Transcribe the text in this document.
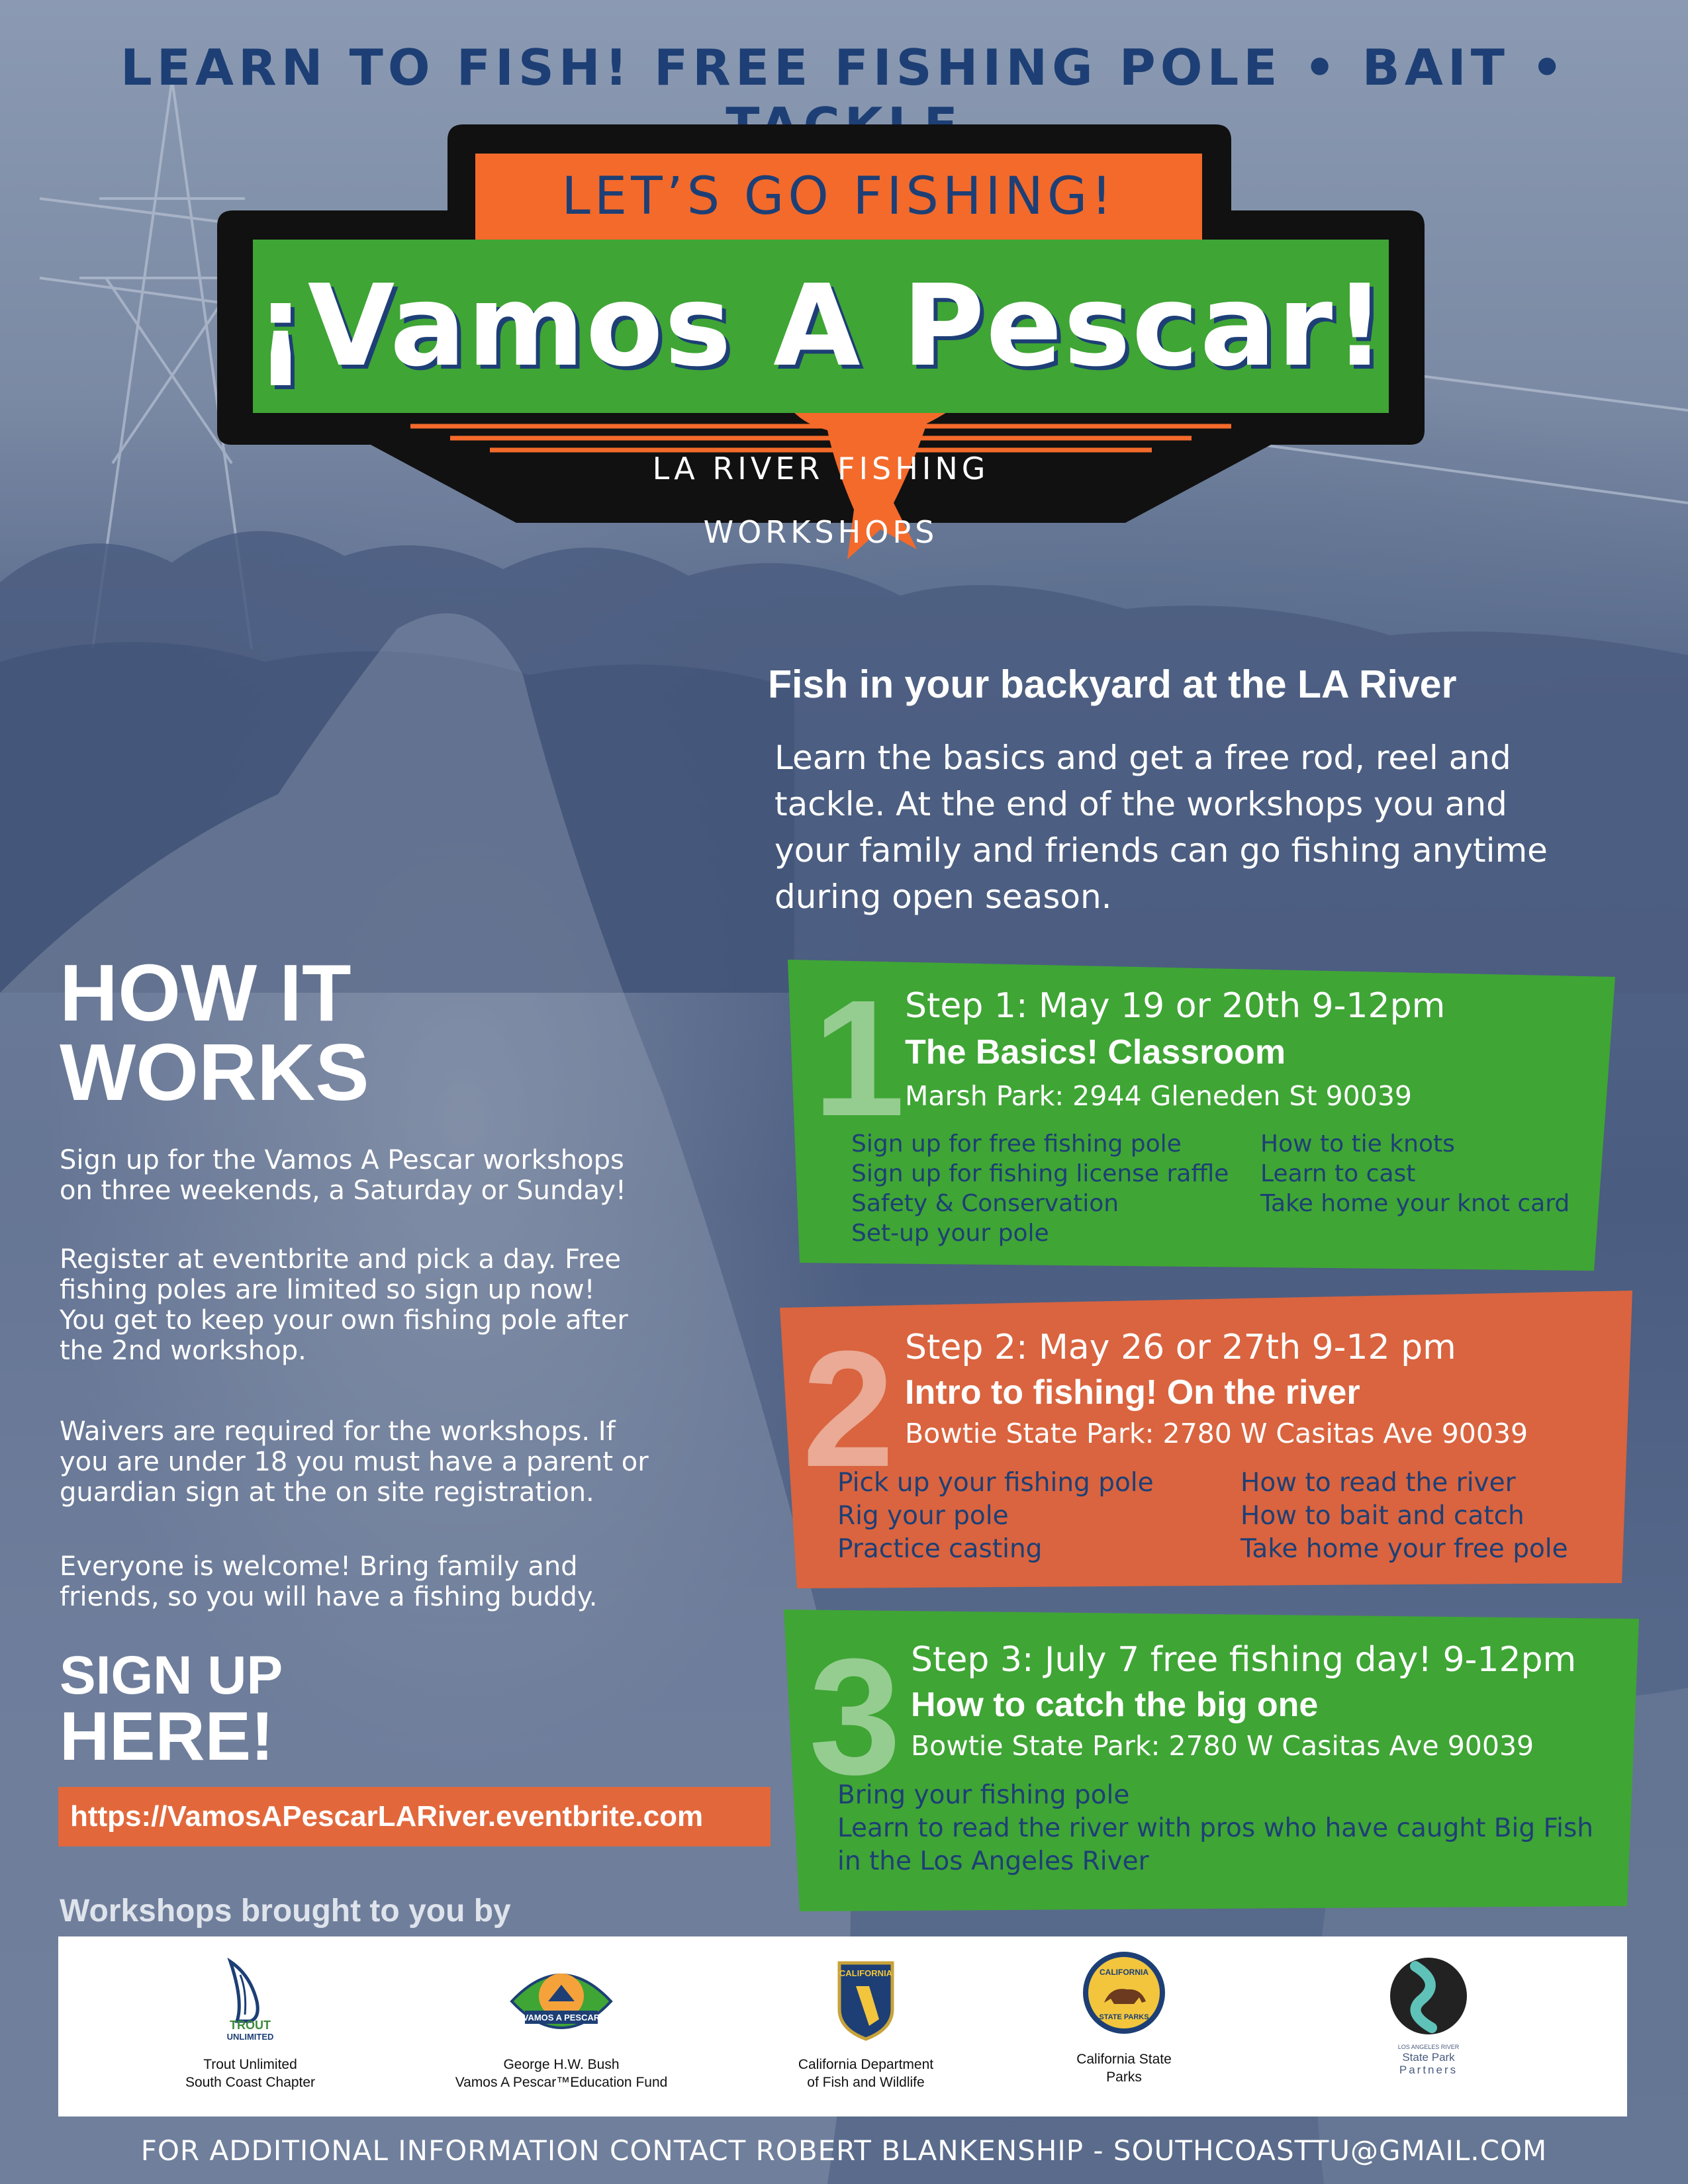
LEARN TO FISH! FREE FISHING POLE • BAIT •
LET’S GO FISHING!
¡Vamos A Pescar!
LA RIVER FISHING WORKSHOPS
Fish in your backyard at the LA River
Learn the basics and get a free rod, reel and
tackle. At the end of the workshops you and
your family and friends can go fishing anytime
during open season.
HOW IT
WORKS
Sign up for the Vamos A Pescar workshops
on three weekends, a Saturday or Sunday!
Register at eventbrite and pick a day. Free
fishing poles are limited so sign up now!
You get to keep your own fishing pole after
the 2nd workshop.
Waivers are required for the workshops. If
you are under 18 you must have a parent or
guardian sign at the on site registration.
Everyone is welcome! Bring family and
friends, so you will have a fishing buddy.
SIGN UP
HERE!
https://VamosAPescarLARiver.eventbrite.com
1 Step 1: May 19 or 20th 9-12pm
The Basics! Classroom
Marsh Park: 2944 Gleneden St 90039
Sign up for free fishing pole
Sign up for fishing license raffle
Safety & Conservation
Set-up your pole
How to tie knots
Learn to cast
Take home your knot card
2 Step 2: May 26 or 27th 9-12 pm
Intro to fishing! On the river
Bowtie State Park: 2780 W Casitas Ave 90039
Pick up your fishing pole
Rig your pole
Practice casting
How to read the river
How to bait and catch
Take home your free pole
3 Step 3: July 7 free fishing day! 9-12pm
How to catch the big one
Bowtie State Park: 2780 W Casitas Ave 90039
Bring your fishing pole
Learn to read the river with pros who have caught Big Fish
in the Los Angeles River
Workshops brought to you by
TROUT
UNLIMITED
Trout Unlimited
South Coast Chapter
VAMOS A PESCAR
George H.W. Bush
Vamos A Pescar™Education Fund
CALIFORNIA
California Department
of Fish and Wildlife
CALIFORNIA
STATE PARKS
California State
Parks
LOS ANGELES RIVER
State Park
Partners
FOR ADDITIONAL INFORMATION CONTACT ROBERT BLANKENSHIP - SOUTHCOASTTU@GMAIL.COM
